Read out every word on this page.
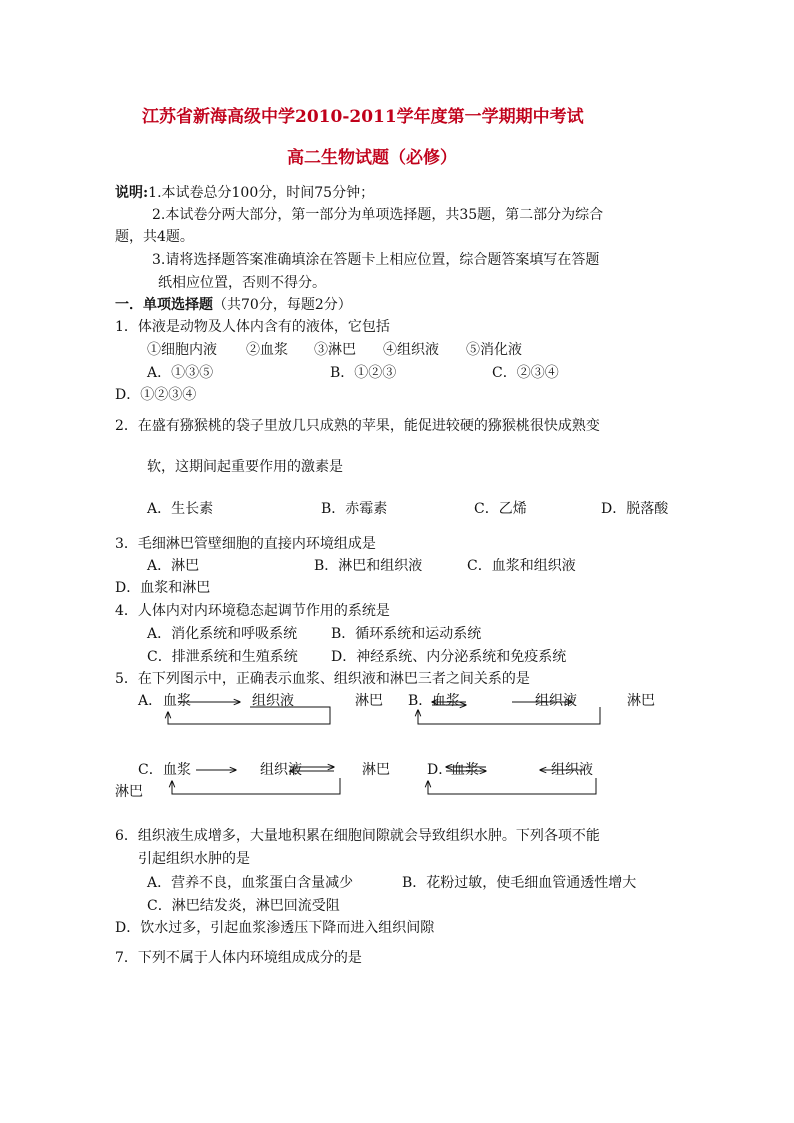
江苏省新海高级中学2010-2011学年度第一学期期中考试
高二生物试题（必修）
说明:1.本试卷总分100分，时间75分钟；
2.本试卷分两大部分，第一部分为单项选择题，共35题，第二部分为综合
题，共4题。
3.请将选择题答案准确填涂在答题卡上相应位置，综合题答案填写在答题
纸相应位置，否则不得分。
一．单项选择题（共70分，每题2分）
1．体液是动物及人体内含有的液体，它包括
①细胞内液 ②血浆 ③淋巴 ④组织液 ⑤消化液
A．①③⑤	B．①②③	C．②③④
D．①②③④
2．在盛有猕猴桃的袋子里放几只成熟的苹果，能促进较硬的猕猴桃很快成熟变
软，这期间起重要作用的激素是
A．生长素	B．赤霉素	C．乙烯	D．脱落酸
3．毛细淋巴管壁细胞的直接内环境组成是
A．淋巴	B．淋巴和组织液	C．血浆和组织液
D．血浆和淋巴
4．人体内对内环境稳态起调节作用的系统是
A．消化系统和呼吸系统 B．循环系统和运动系统
C．排泄系统和生殖系统 D．神经系统、内分泌系统和免疫系统
5．在下列图示中，正确表示血浆、组织液和淋巴三者之间关系的是
A． 血浆	组织液	淋巴 B． 血浆	组织液	淋巴
C． 血浆	组织液	淋巴	D．
血浆	组织液
淋巴
6．组织液生成增多，大量地积累在细胞间隙就会导致组织水肿。下列各项不能
引起组织水肿的是
A．营养不良，血浆蛋白含量减少	B．花粉过敏，使毛细血管通透性增大
C．淋巴结发炎，淋巴回流受阻
D．饮水过多，引起血浆渗透压下降而进入组织间隙
7．下列不属于人体内环境组成成分的是
